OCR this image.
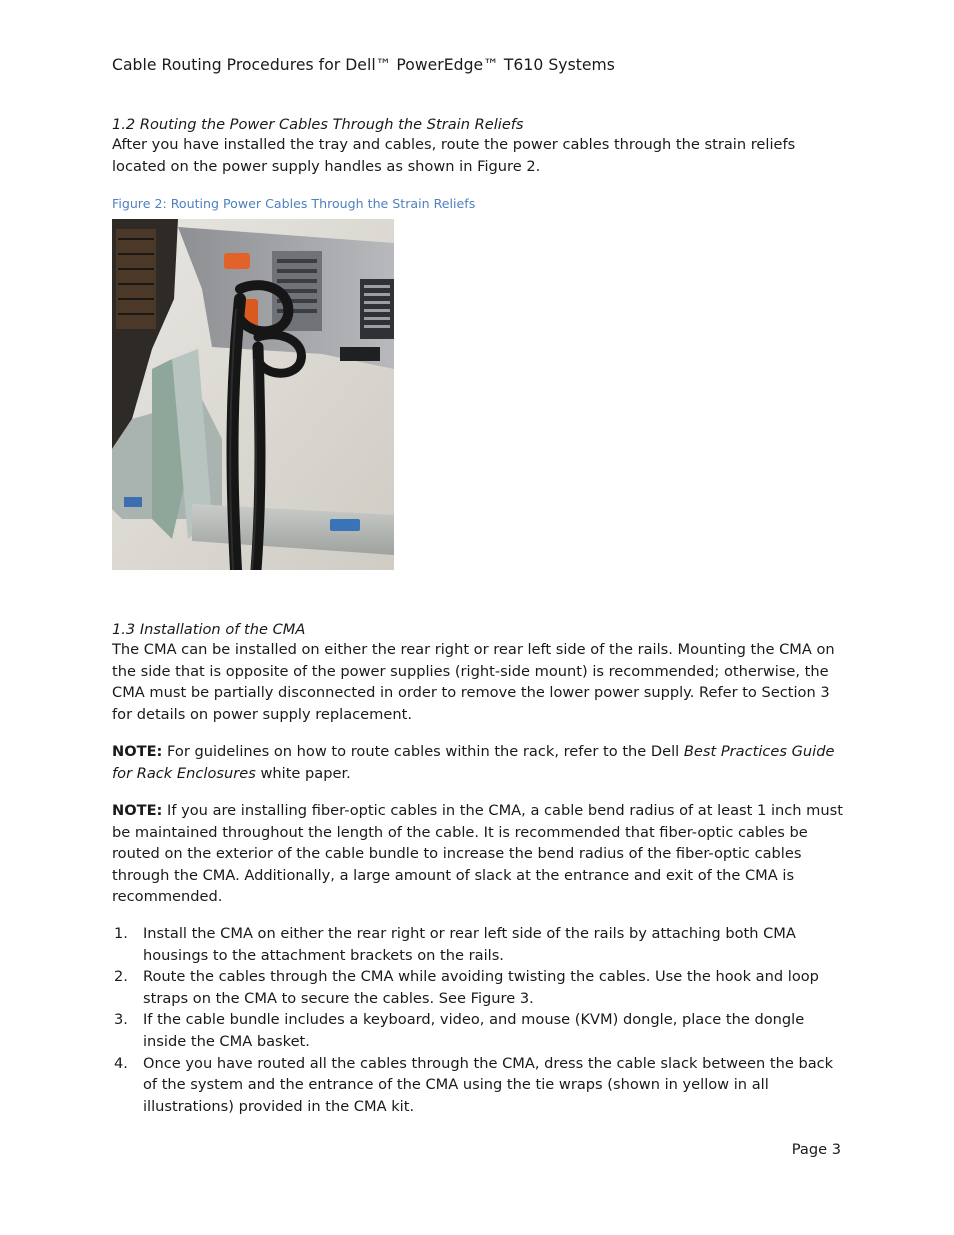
Cable Routing Procedures for Dell™ PowerEdge™ T610 Systems
1.2 Routing the Power Cables Through the Strain Reliefs

After you have installed the tray and cables, route the power cables through the strain reliefs located on the power supply handles as shown in Figure 2.

Figure 2: Routing Power Cables Through the Strain Reliefs
1.3 Installation of the CMA

The CMA can be installed on either the rear right or rear left side of the rails. Mounting the CMA on the side that is opposite of the power supplies (right-side mount) is recommended; otherwise, the CMA must be partially disconnected in order to remove the lower power supply. Refer to Section 3 for details on power supply replacement.

NOTE: For guidelines on how to route cables within the rack, refer to the Dell Best Practices Guide for Rack Enclosures white paper.

NOTE: If you are installing fiber-optic cables in the CMA, a cable bend radius of at least 1 inch must be maintained throughout the length of the cable. It is recommended that fiber-optic cables be routed on the exterior of the cable bundle to increase the bend radius of the fiber-optic cables through the CMA. Additionally, a large amount of slack at the entrance and exit of the CMA is recommended.

1. Install the CMA on either the rear right or rear left side of the rails by attaching both CMA housings to the attachment brackets on the rails.
2. Route the cables through the CMA while avoiding twisting the cables. Use the hook and loop straps on the CMA to secure the cables. See Figure 3.
3. If the cable bundle includes a keyboard, video, and mouse (KVM) dongle, place the dongle inside the CMA basket.
4. Once you have routed all the cables through the CMA, dress the cable slack between the back of the system and the entrance of the CMA using the tie wraps (shown in yellow in all illustrations) provided in the CMA kit.
Page 3
